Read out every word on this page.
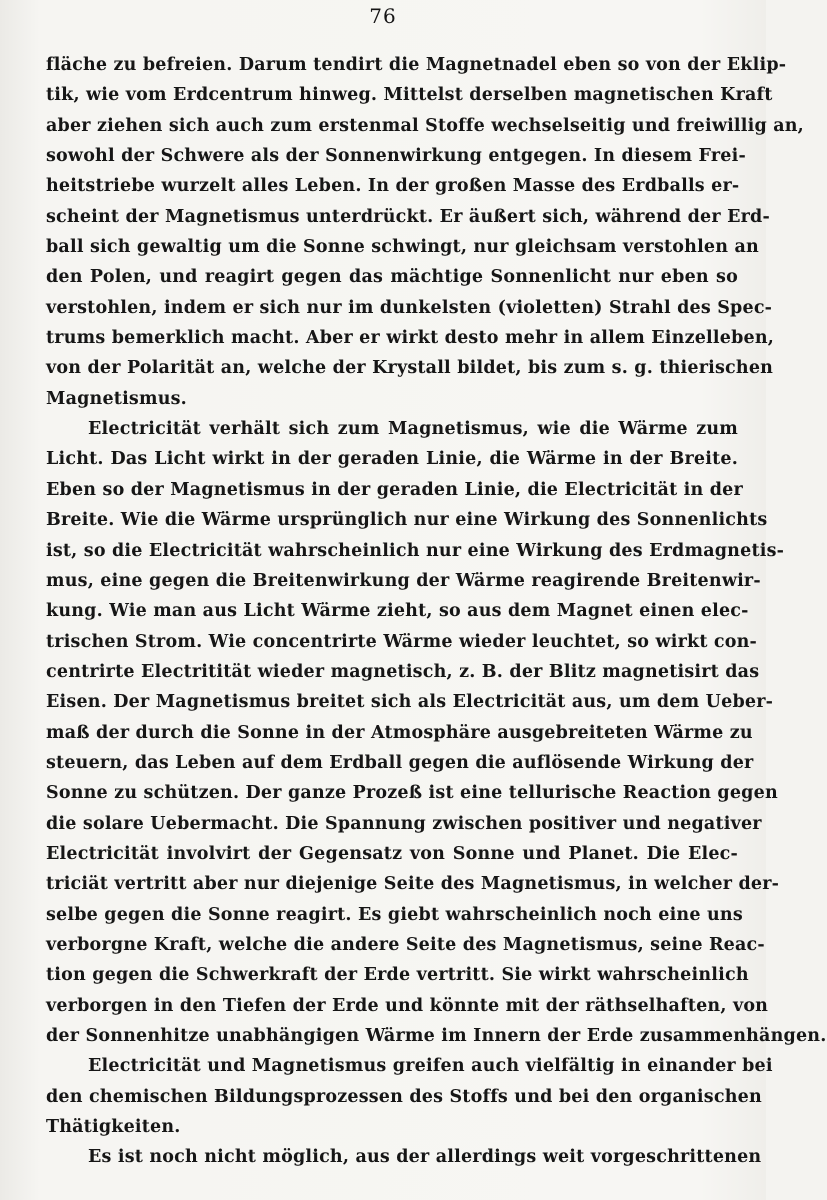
76
fläche zu befreien. Darum tendirt die Magnetnadel eben so von der Eklip-
tik, wie vom Erdcentrum hinweg. Mittelst derselben magnetischen Kraft
aber ziehen sich auch zum erstenmal Stoffe wechselseitig und freiwillig an,
sowohl der Schwere als der Sonnenwirkung entgegen. In diesem Frei-
heitstriebe wurzelt alles Leben. In der großen Masse des Erdballs er-
scheint der Magnetismus unterdrückt. Er äußert sich, während der Erd-
ball sich gewaltig um die Sonne schwingt, nur gleichsam verstohlen an
den Polen, und reagirt gegen das mächtige Sonnenlicht nur eben so
verstohlen, indem er sich nur im dunkelsten (violetten) Strahl des Spec-
trums bemerklich macht. Aber er wirkt desto mehr in allem Einzelleben,
von der Polarität an, welche der Krystall bildet, bis zum s. g. thierischen
Magnetismus.
Electricität verhält sich zum Magnetismus, wie die Wärme zum
Licht. Das Licht wirkt in der geraden Linie, die Wärme in der Breite.
Eben so der Magnetismus in der geraden Linie, die Electricität in der
Breite. Wie die Wärme ursprünglich nur eine Wirkung des Sonnenlichts
ist, so die Electricität wahrscheinlich nur eine Wirkung des Erdmagnetis-
mus, eine gegen die Breitenwirkung der Wärme reagirende Breitenwir-
kung. Wie man aus Licht Wärme zieht, so aus dem Magnet einen elec-
trischen Strom. Wie concentrirte Wärme wieder leuchtet, so wirkt con-
centrirte Electritität wieder magnetisch, z. B. der Blitz magnetisirt das
Eisen. Der Magnetismus breitet sich als Electricität aus, um dem Ueber-
maß der durch die Sonne in der Atmosphäre ausgebreiteten Wärme zu
steuern, das Leben auf dem Erdball gegen die auflösende Wirkung der
Sonne zu schützen. Der ganze Prozeß ist eine tellurische Reaction gegen
die solare Uebermacht. Die Spannung zwischen positiver und negativer
Electricität involvirt der Gegensatz von Sonne und Planet. Die Elec-
triciät vertritt aber nur diejenige Seite des Magnetismus, in welcher der-
selbe gegen die Sonne reagirt. Es giebt wahrscheinlich noch eine uns
verborgne Kraft, welche die andere Seite des Magnetismus, seine Reac-
tion gegen die Schwerkraft der Erde vertritt. Sie wirkt wahrscheinlich
verborgen in den Tiefen der Erde und könnte mit der räthselhaften, von
der Sonnenhitze unabhängigen Wärme im Innern der Erde zusammenhängen.
Electricität und Magnetismus greifen auch vielfältig in einander bei
den chemischen Bildungsprozessen des Stoffs und bei den organischen
Thätigkeiten.
Es ist noch nicht möglich, aus der allerdings weit vorgeschrittenen
